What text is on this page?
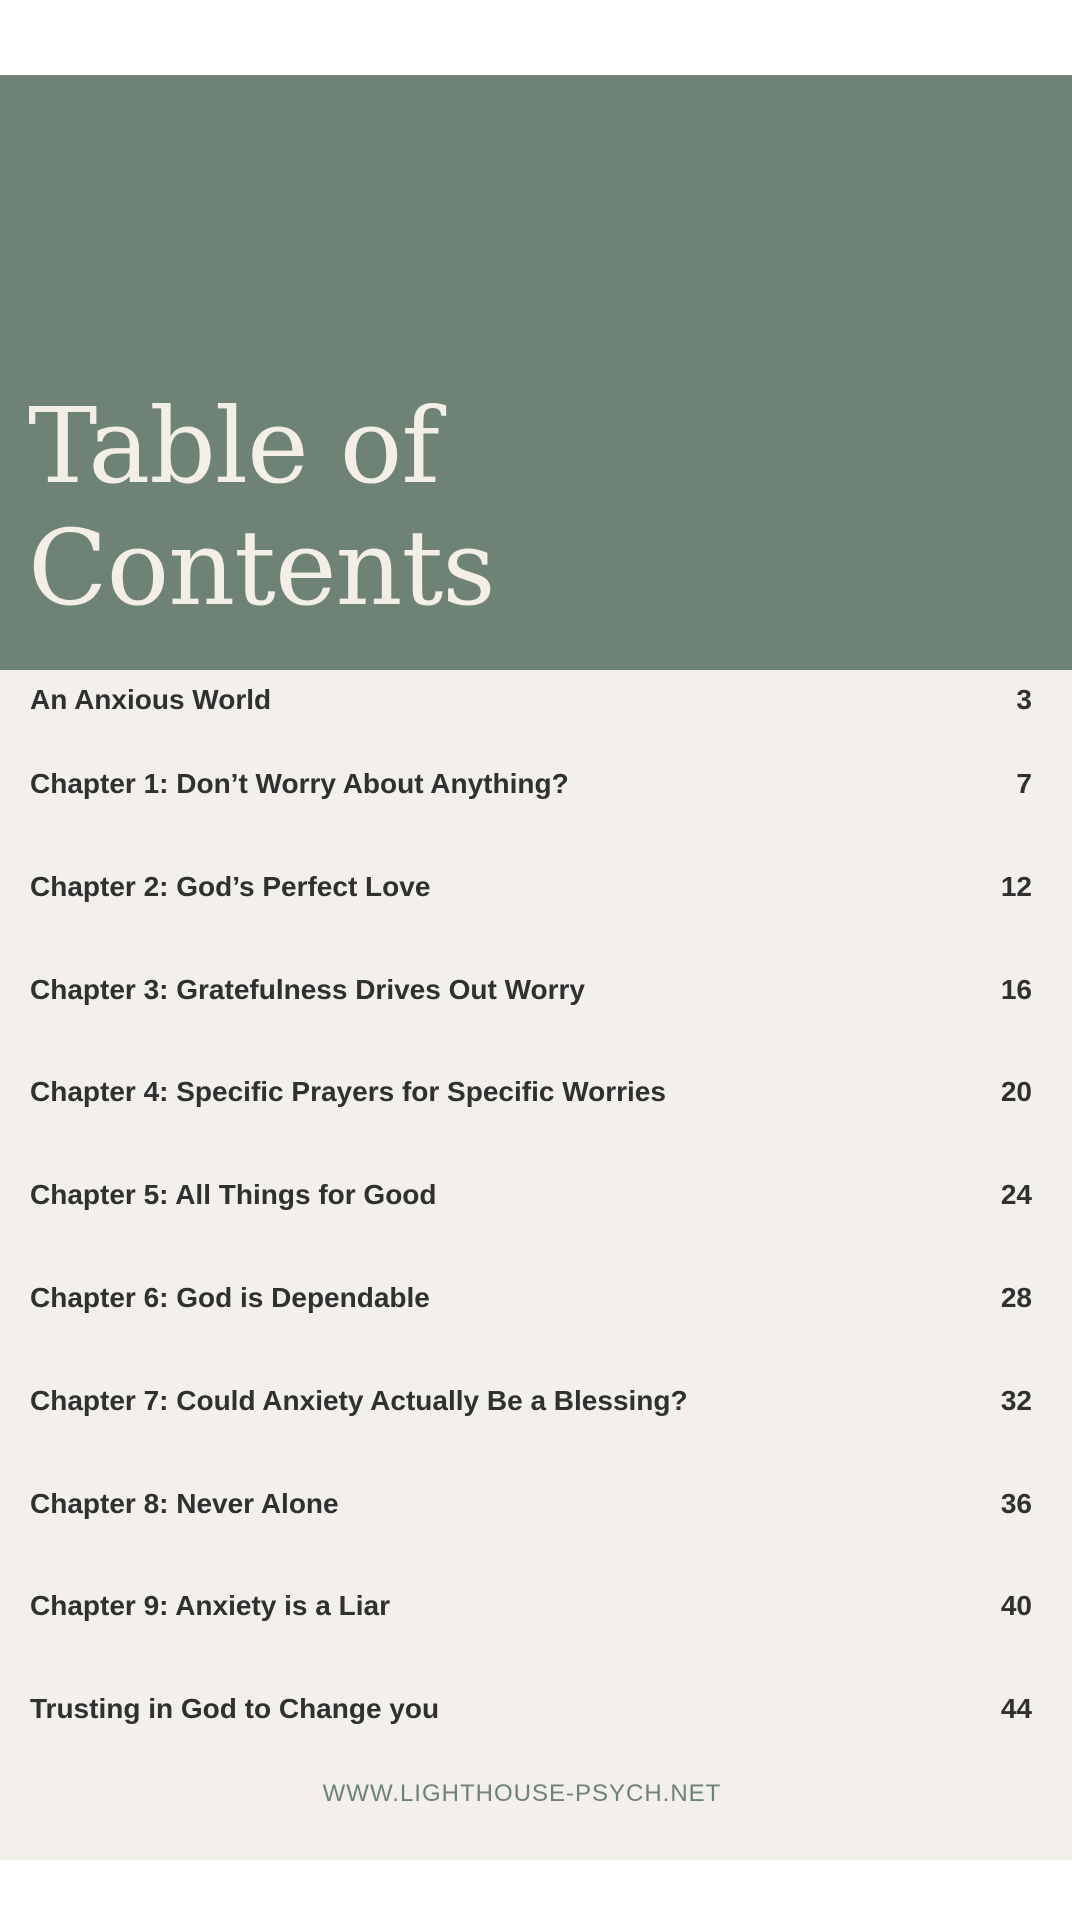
Table of
Contents
An Anxious World	3
Chapter 1: Don’t Worry About Anything?	7
Chapter 2: God’s Perfect Love	12
Chapter 3: Gratefulness Drives Out Worry	16
Chapter 4: Specific Prayers for Specific Worries	20
Chapter 5: All Things for Good	24
Chapter 6: God is Dependable	28
Chapter 7: Could Anxiety Actually Be a Blessing?	32
Chapter 8: Never Alone	36
Chapter 9: Anxiety is a Liar	40
Trusting in God to Change you	44
WWW.LIGHTHOUSE-PSYCH.NET
